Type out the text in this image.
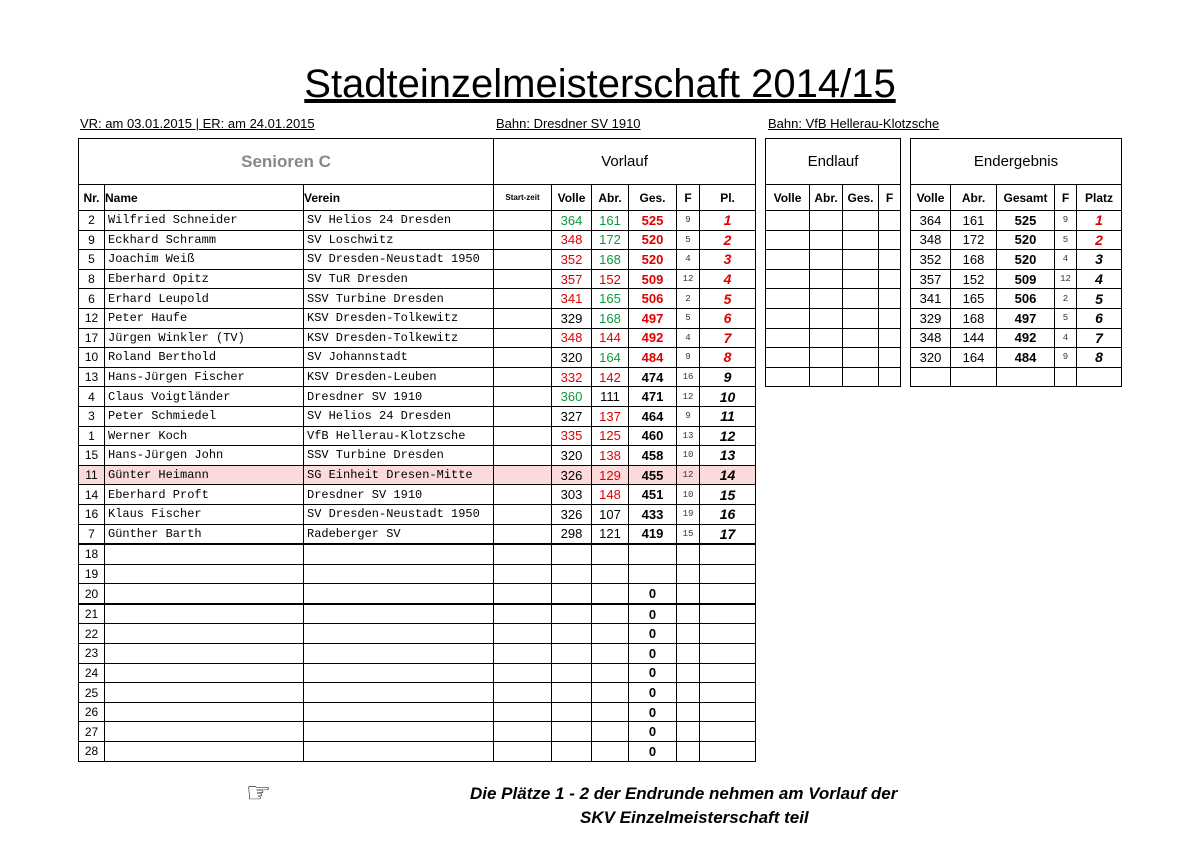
Stadteinzelmeisterschaft 2014/15
VR: am 03.01.2015 | ER: am 24.01.2015	Bahn: Dresdner SV 1910	Bahn: VfB Hellerau-Klotzsche
Senioren C			Vorlauf					
Nr.	Name	Verein	Start-zeit	Volle	Abr.	Ges.	F	Pl.
2	Wilfried Schneider	SV Helios 24 Dresden		364	161	525	9	1
9	Eckhard Schramm	SV Loschwitz		348	172	520	5	2
5	Joachim Weiß	SV Dresden-Neustadt 1950		352	168	520	4	3
8	Eberhard Opitz	SV TuR Dresden		357	152	509	12	4
6	Erhard Leupold	SSV Turbine Dresden		341	165	506	2	5
12	Peter Haufe	KSV Dresden-Tolkewitz		329	168	497	5	6
17	Jürgen Winkler (TV)	KSV Dresden-Tolkewitz		348	144	492	4	7
10	Roland Berthold	SV Johannstadt		320	164	484	9	8
13	Hans-Jürgen Fischer	KSV Dresden-Leuben		332	142	474	16	9
4	Claus Voigtländer	Dresdner SV 1910		360	111	471	12	10
3	Peter Schmiedel	SV Helios 24 Dresden		327	137	464	9	11
1	Werner Koch	VfB Hellerau-Klotzsche		335	125	460	13	12
15	Hans-Jürgen John	SSV Turbine Dresden		320	138	458	10	13
11	Günter Heimann	SG Einheit Dresen-Mitte		326	129	455	12	14
14	Eberhard Proft	Dresdner SV 1910		303	148	451	10	15
16	Klaus Fischer	SV Dresden-Neustadt 1950		326	107	433	19	16
7	Günther Barth	Radeberger SV		298	121	419	15	17
18								
19								
20						0		
21						0		
22						0		
23						0		
24						0		
25						0		
26						0		
27						0		
28						0		
Endlauf			
Volle	Abr.	Ges.	F

Endergebnis				
Volle	Abr.	Gesamt	F	Platz
364	161	525	9	1
348	172	520	5	2
352	168	520	4	3
357	152	509	12	4
341	165	506	2	5
329	168	497	5	6
348	144	492	4	7
320	164	484	9	8

☞	Die Plätze 1 - 2 der Endrunde nehmen am Vorlauf der
SKV Einzelmeisterschaft teil
